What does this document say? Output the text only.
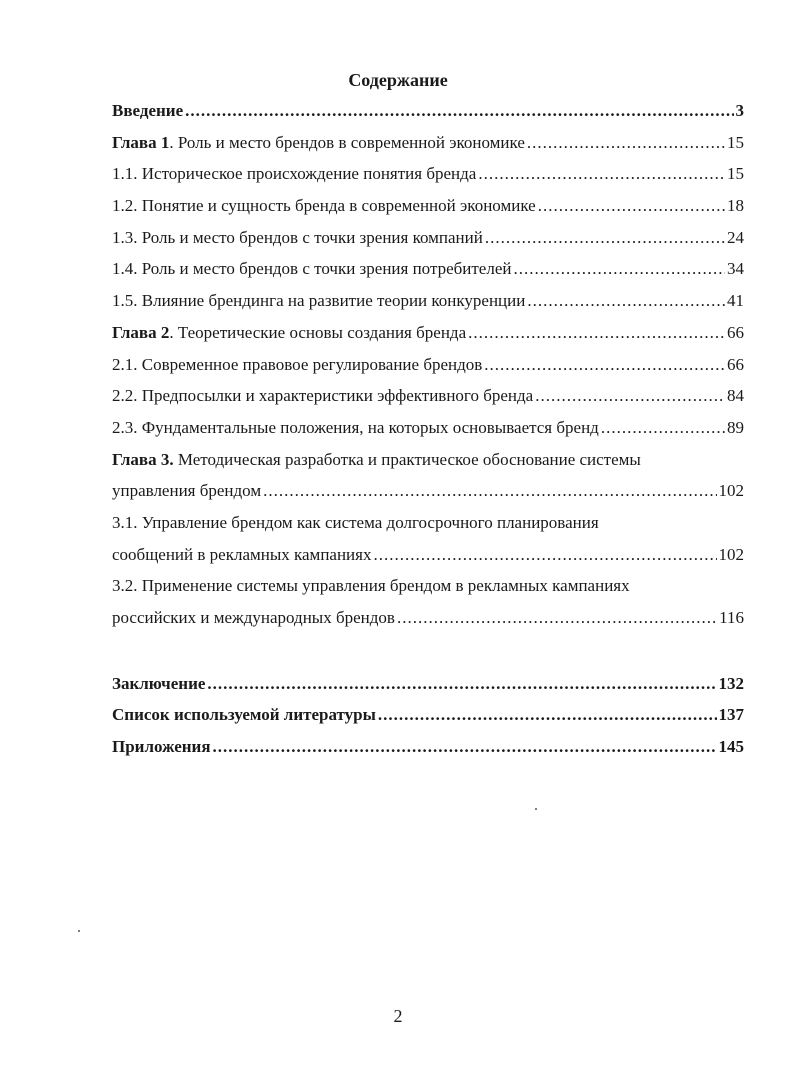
Содержание
Введение .....	3
Глава 1. Роль и место брендов в современной экономике .....	15
1.1. Историческое происхождение понятия бренда .....	15
1.2. Понятие и сущность бренда в современной экономике .....	18
1.3. Роль и место брендов с точки зрения компаний .....	24
1.4. Роль и место брендов с точки зрения потребителей .....	34
1.5. Влияние брендинга на развитие теории конкуренции .....	41
Глава 2. Теоретические основы создания бренда .....	66
2.1. Современное правовое регулирование брендов .....	66
2.2. Предпосылки и характеристики эффективного бренда .....	84
2.3. Фундаментальные положения, на которых основывается бренд .....	89
Глава 3. Методическая разработка и практическое обоснование системы
управления брендом .....	102
3.1. Управление брендом как система долгосрочного планирования
сообщений в рекламных кампаниях .....	102
3.2. Применение системы управления брендом в рекламных кампаниях
российских и международных брендов .....	116
Заключение .....	132
Список используемой литературы .....	137
Приложения .....	145
2
